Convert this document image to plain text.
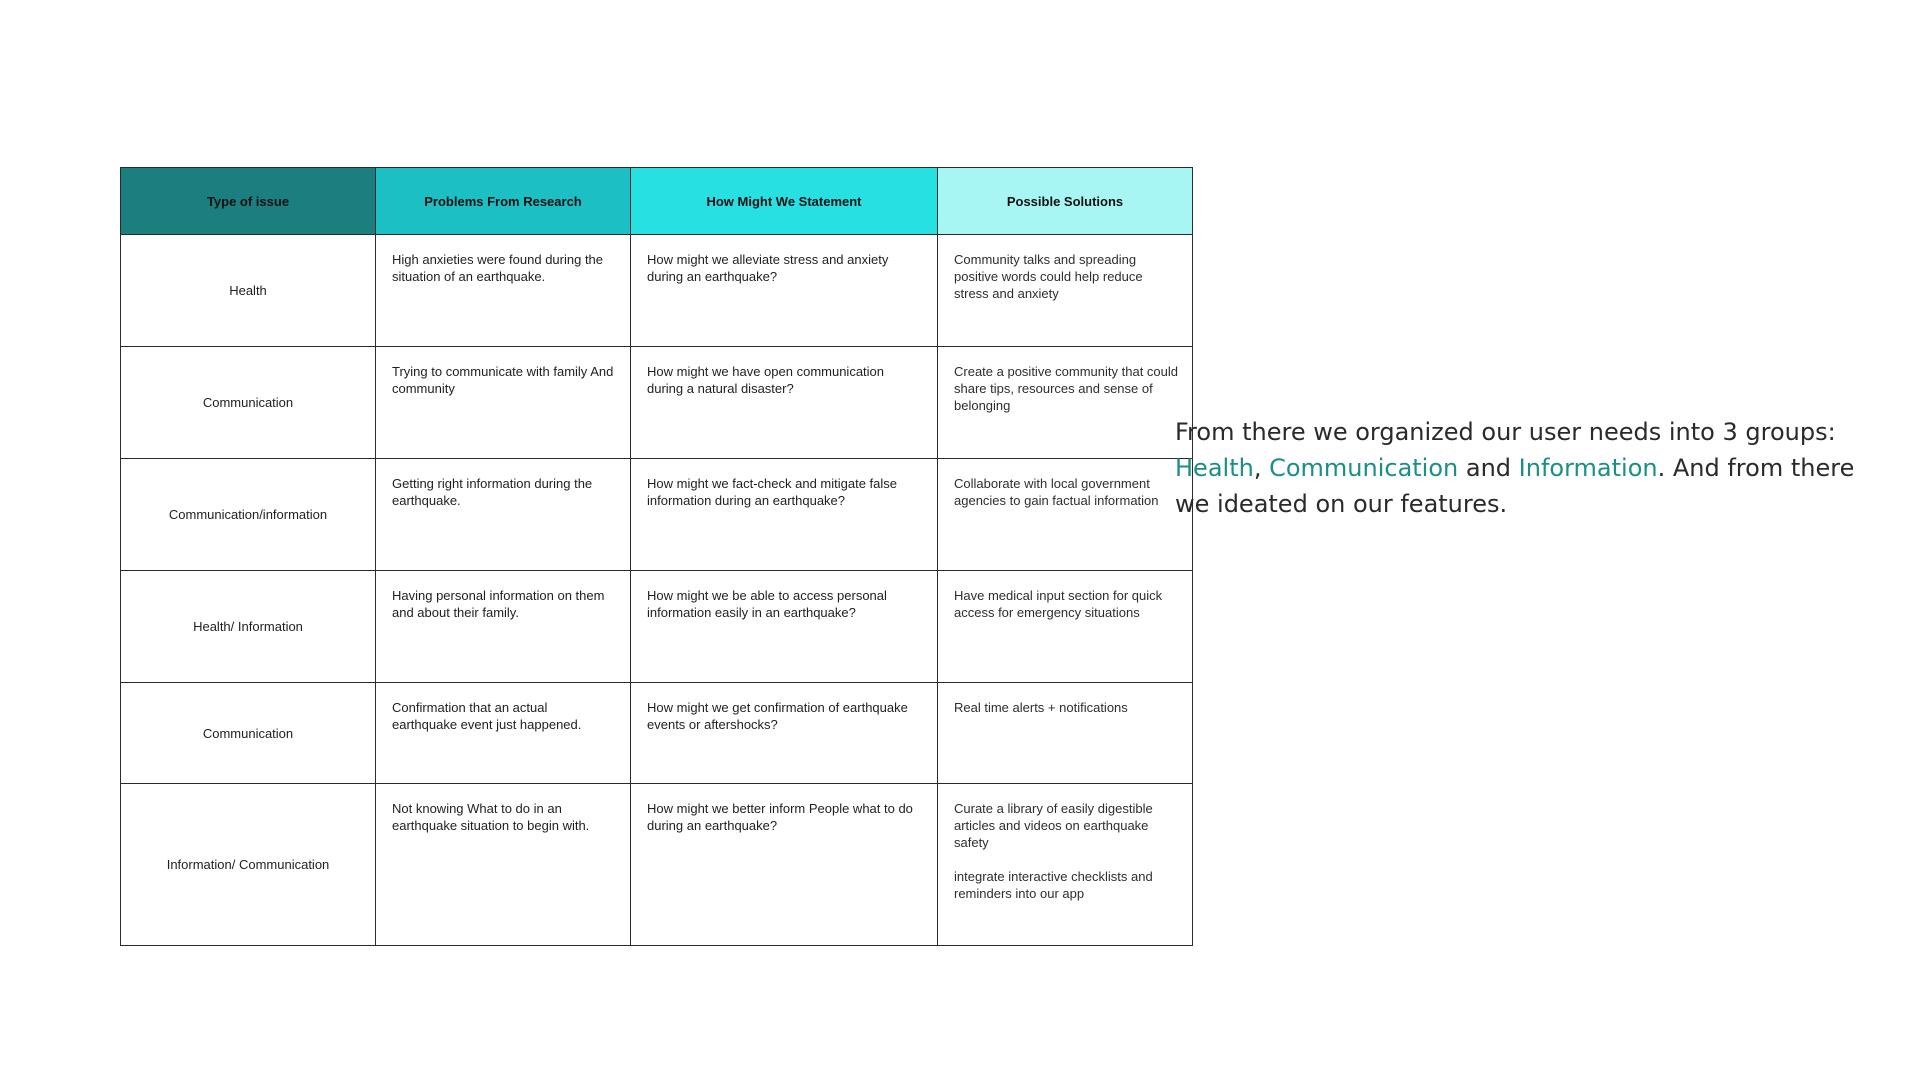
Type of issue	Problems From Research	How Might We Statement	Possible Solutions
Health	High anxieties were found during the situation of an earthquake.	How might we alleviate stress and anxiety during an earthquake?	Community talks and spreading positive words could help reduce stress and anxiety
Communication	Trying to communicate with family And community	How might we have open communication during a natural disaster?	Create a positive community that could share tips, resources and sense of belonging
Communication/information	Getting right information during the earthquake.	How might we fact-check and mitigate false information during an earthquake?	Collaborate with local government agencies to gain factual information
Health/ Information	Having personal information on them and about their family.	How might we be able to access personal information easily in an earthquake?	Have medical input section for quick access for emergency situations
Communication	Confirmation that an actual earthquake event just happened.	How might we get confirmation of earthquake events or aftershocks?	Real time alerts + notifications
Information/ Communication	Not knowing What to do in an earthquake situation to begin with.	How might we better inform People what to do during an earthquake?	Curate a library of easily digestible articles and videos on earthquake safety
integrate interactive checklists and reminders into our app

From there we organized our user needs into 3 groups: Health, Communication and Information. And from there we ideated on our features.
